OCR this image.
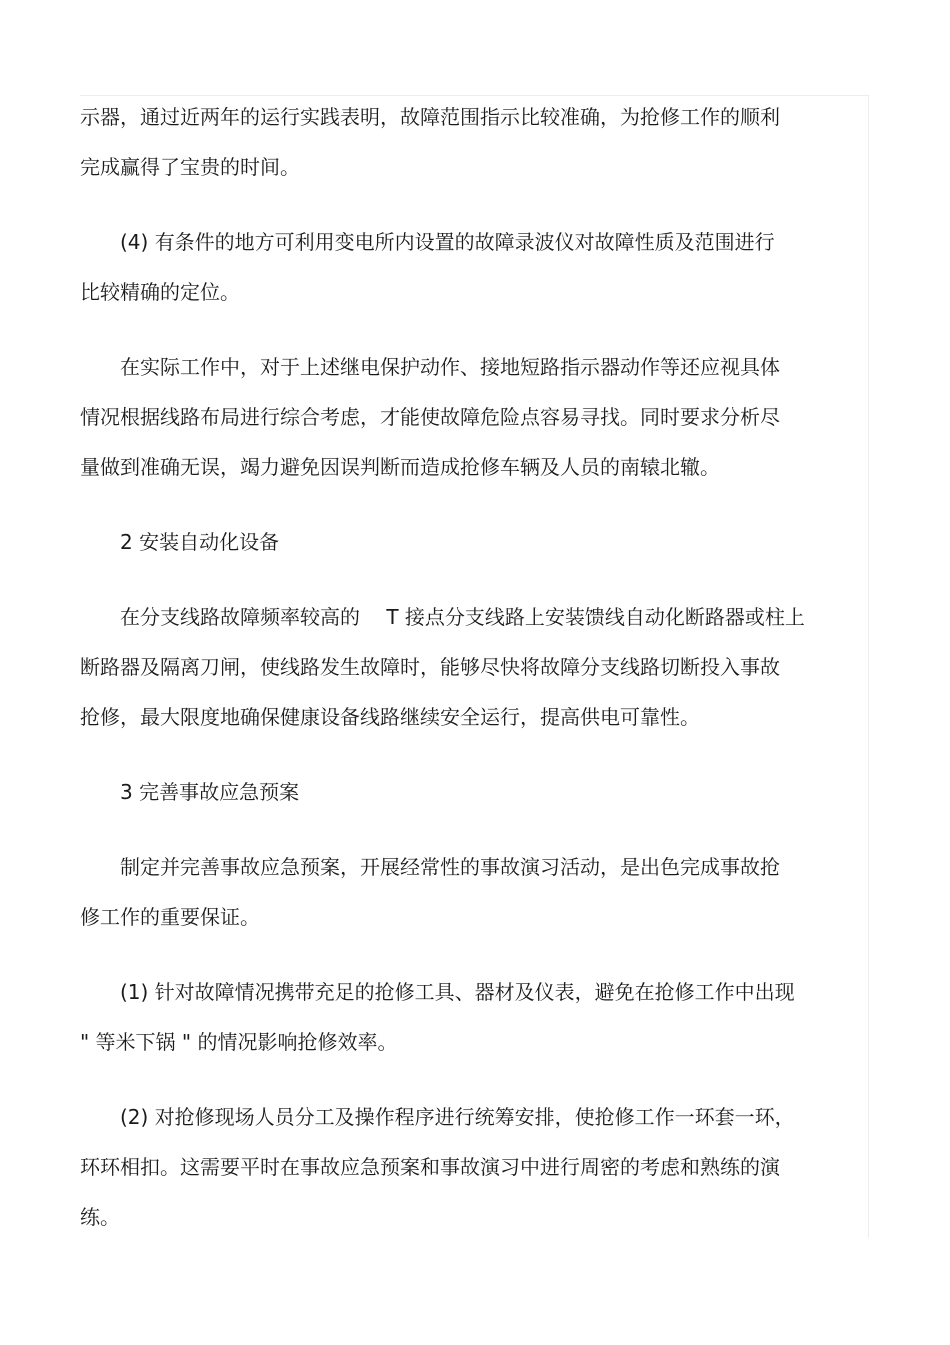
示器，通过近两年的运行实践表明，故障范围指示比较准确，为抢修工作的顺利
完成赢得了宝贵的时间。
(4) 有条件的地方可利用变电所内设置的故障录波仪对故障性质及范围进行
比较精确的定位。
在实际工作中，对于上述继电保护动作、接地短路指示器动作等还应视具体
情况根据线路布局进行综合考虑，才能使故障危险点容易寻找。同时要求分析尽
量做到准确无误，竭力避免因误判断而造成抢修车辆及人员的南辕北辙。
2 安装自动化设备
在分支线路故障频率较高的　 T 接点分支线路上安装馈线自动化断路器或柱上
断路器及隔离刀闸，使线路发生故障时，能够尽快将故障分支线路切断投入事故
抢修，最大限度地确保健康设备线路继续安全运行，提高供电可靠性。
3 完善事故应急预案
制定并完善事故应急预案，开展经常性的事故演习活动，是出色完成事故抢
修工作的重要保证。
(1) 针对故障情况携带充足的抢修工具、器材及仪表，避免在抢修工作中出现
" 等米下锅 " 的情况影响抢修效率。
(2) 对抢修现场人员分工及操作程序进行统筹安排，使抢修工作一环套一环，
环环相扣。这需要平时在事故应急预案和事故演习中进行周密的考虑和熟练的演
练。
